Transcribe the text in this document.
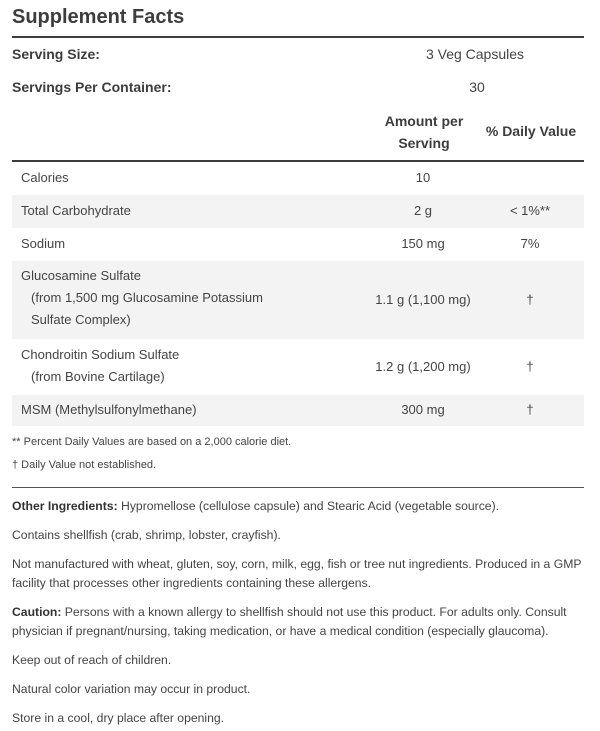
Supplement Facts
Serving Size:	3 Veg Capsules
Servings Per Container:	30
Amount per
Serving
% Daily Value
Calories	10
Total Carbohydrate	2 g	< 1%**
Sodium	150 mg	7%
Glucosamine Sulfate
(from 1,500 mg Glucosamine Potassium
Sulfate Complex)
1.1 g (1,100 mg)	†
Chondroitin Sodium Sulfate
(from Bovine Cartilage)
1.2 g (1,200 mg)	†
MSM (Methylsulfonylmethane)	300 mg	†
** Percent Daily Values are based on a 2,000 calorie diet.
† Daily Value not established.
Other Ingredients: Hypromellose (cellulose capsule) and Stearic Acid (vegetable source).
Contains shellfish (crab, shrimp, lobster, crayfish).
Not manufactured with wheat, gluten, soy, corn, milk, egg, fish or tree nut ingredients. Produced in a GMP
facility that processes other ingredients containing these allergens.
Caution: Persons with a known allergy to shellfish should not use this product. For adults only. Consult
physician if pregnant/nursing, taking medication, or have a medical condition (especially glaucoma).
Keep out of reach of children.
Natural color variation may occur in product.
Store in a cool, dry place after opening.
